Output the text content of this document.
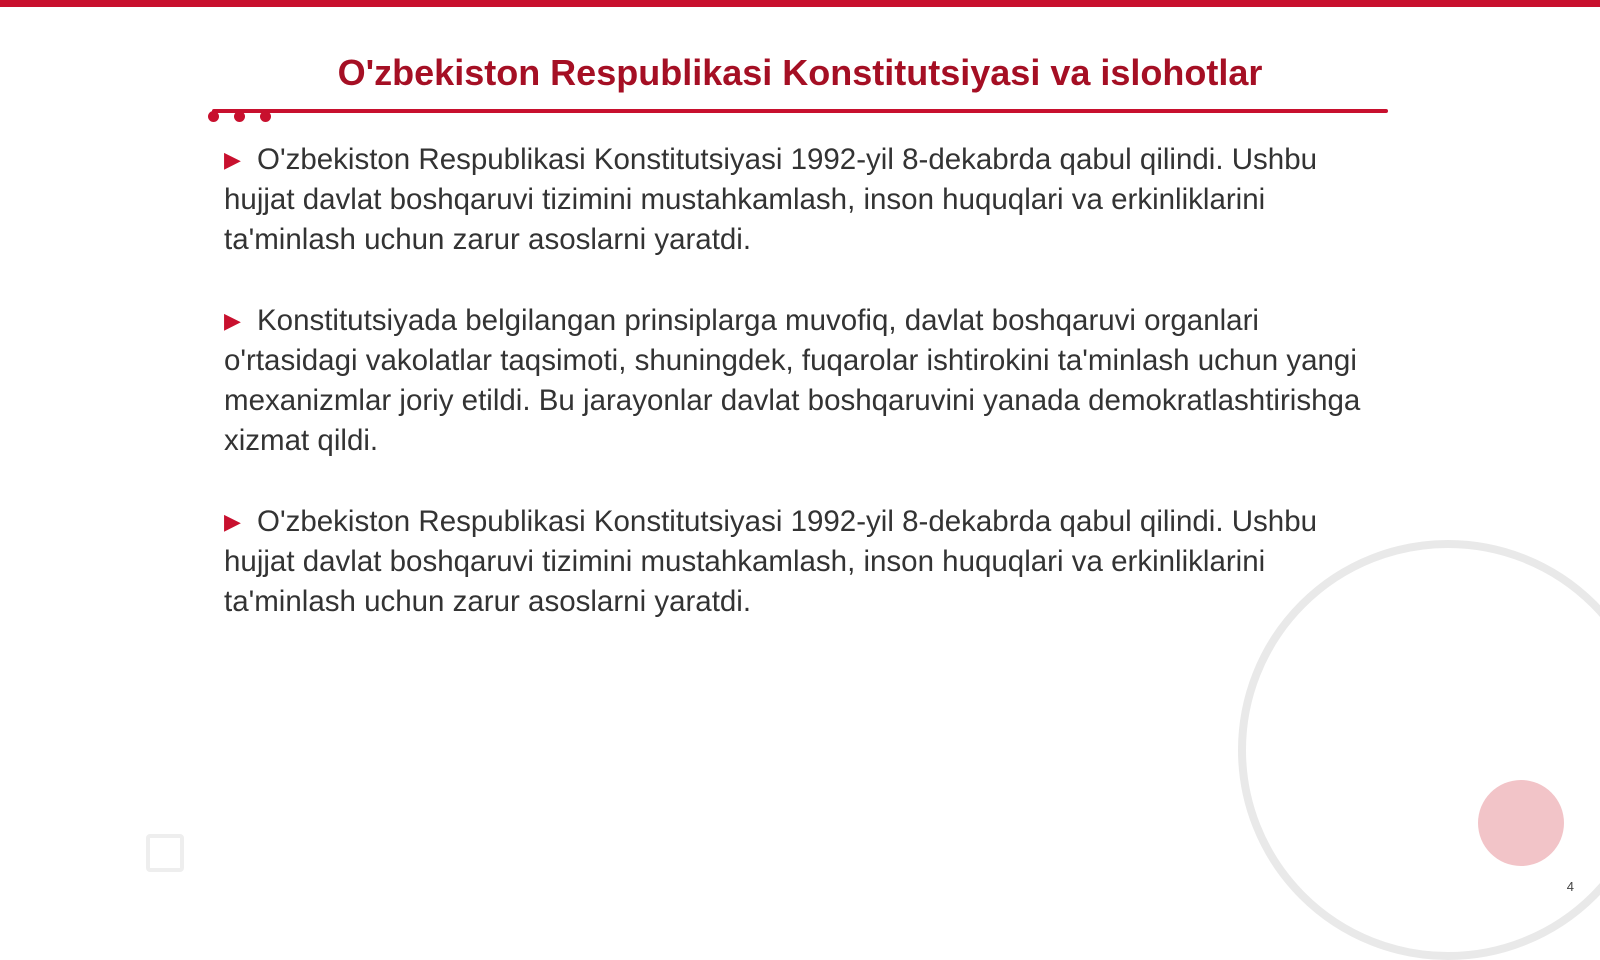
O'zbekiston Respublikasi Konstitutsiyasi va islohotlar
▶ O'zbekiston Respublikasi Konstitutsiyasi 1992-yil 8-dekabrda qabul qilindi. Ushbu hujjat davlat boshqaruvi tizimini mustahkamlash, inson huquqlari va erkinliklarini ta'minlash uchun zarur asoslarni yaratdi.
▶ Konstitutsiyada belgilangan prinsiplarga muvofiq, davlat boshqaruvi organlari o'rtasidagi vakolatlar taqsimoti, shuningdek, fuqarolar ishtirokini ta'minlash uchun yangi mexanizmlar joriy etildi. Bu jarayonlar davlat boshqaruvini yanada demokratlashtirishga xizmat qildi.
▶ O'zbekiston Respublikasi Konstitutsiyasi 1992-yil 8-dekabrda qabul qilindi. Ushbu hujjat davlat boshqaruvi tizimini mustahkamlash, inson huquqlari va erkinliklarini ta'minlash uchun zarur asoslarni yaratdi.
4
